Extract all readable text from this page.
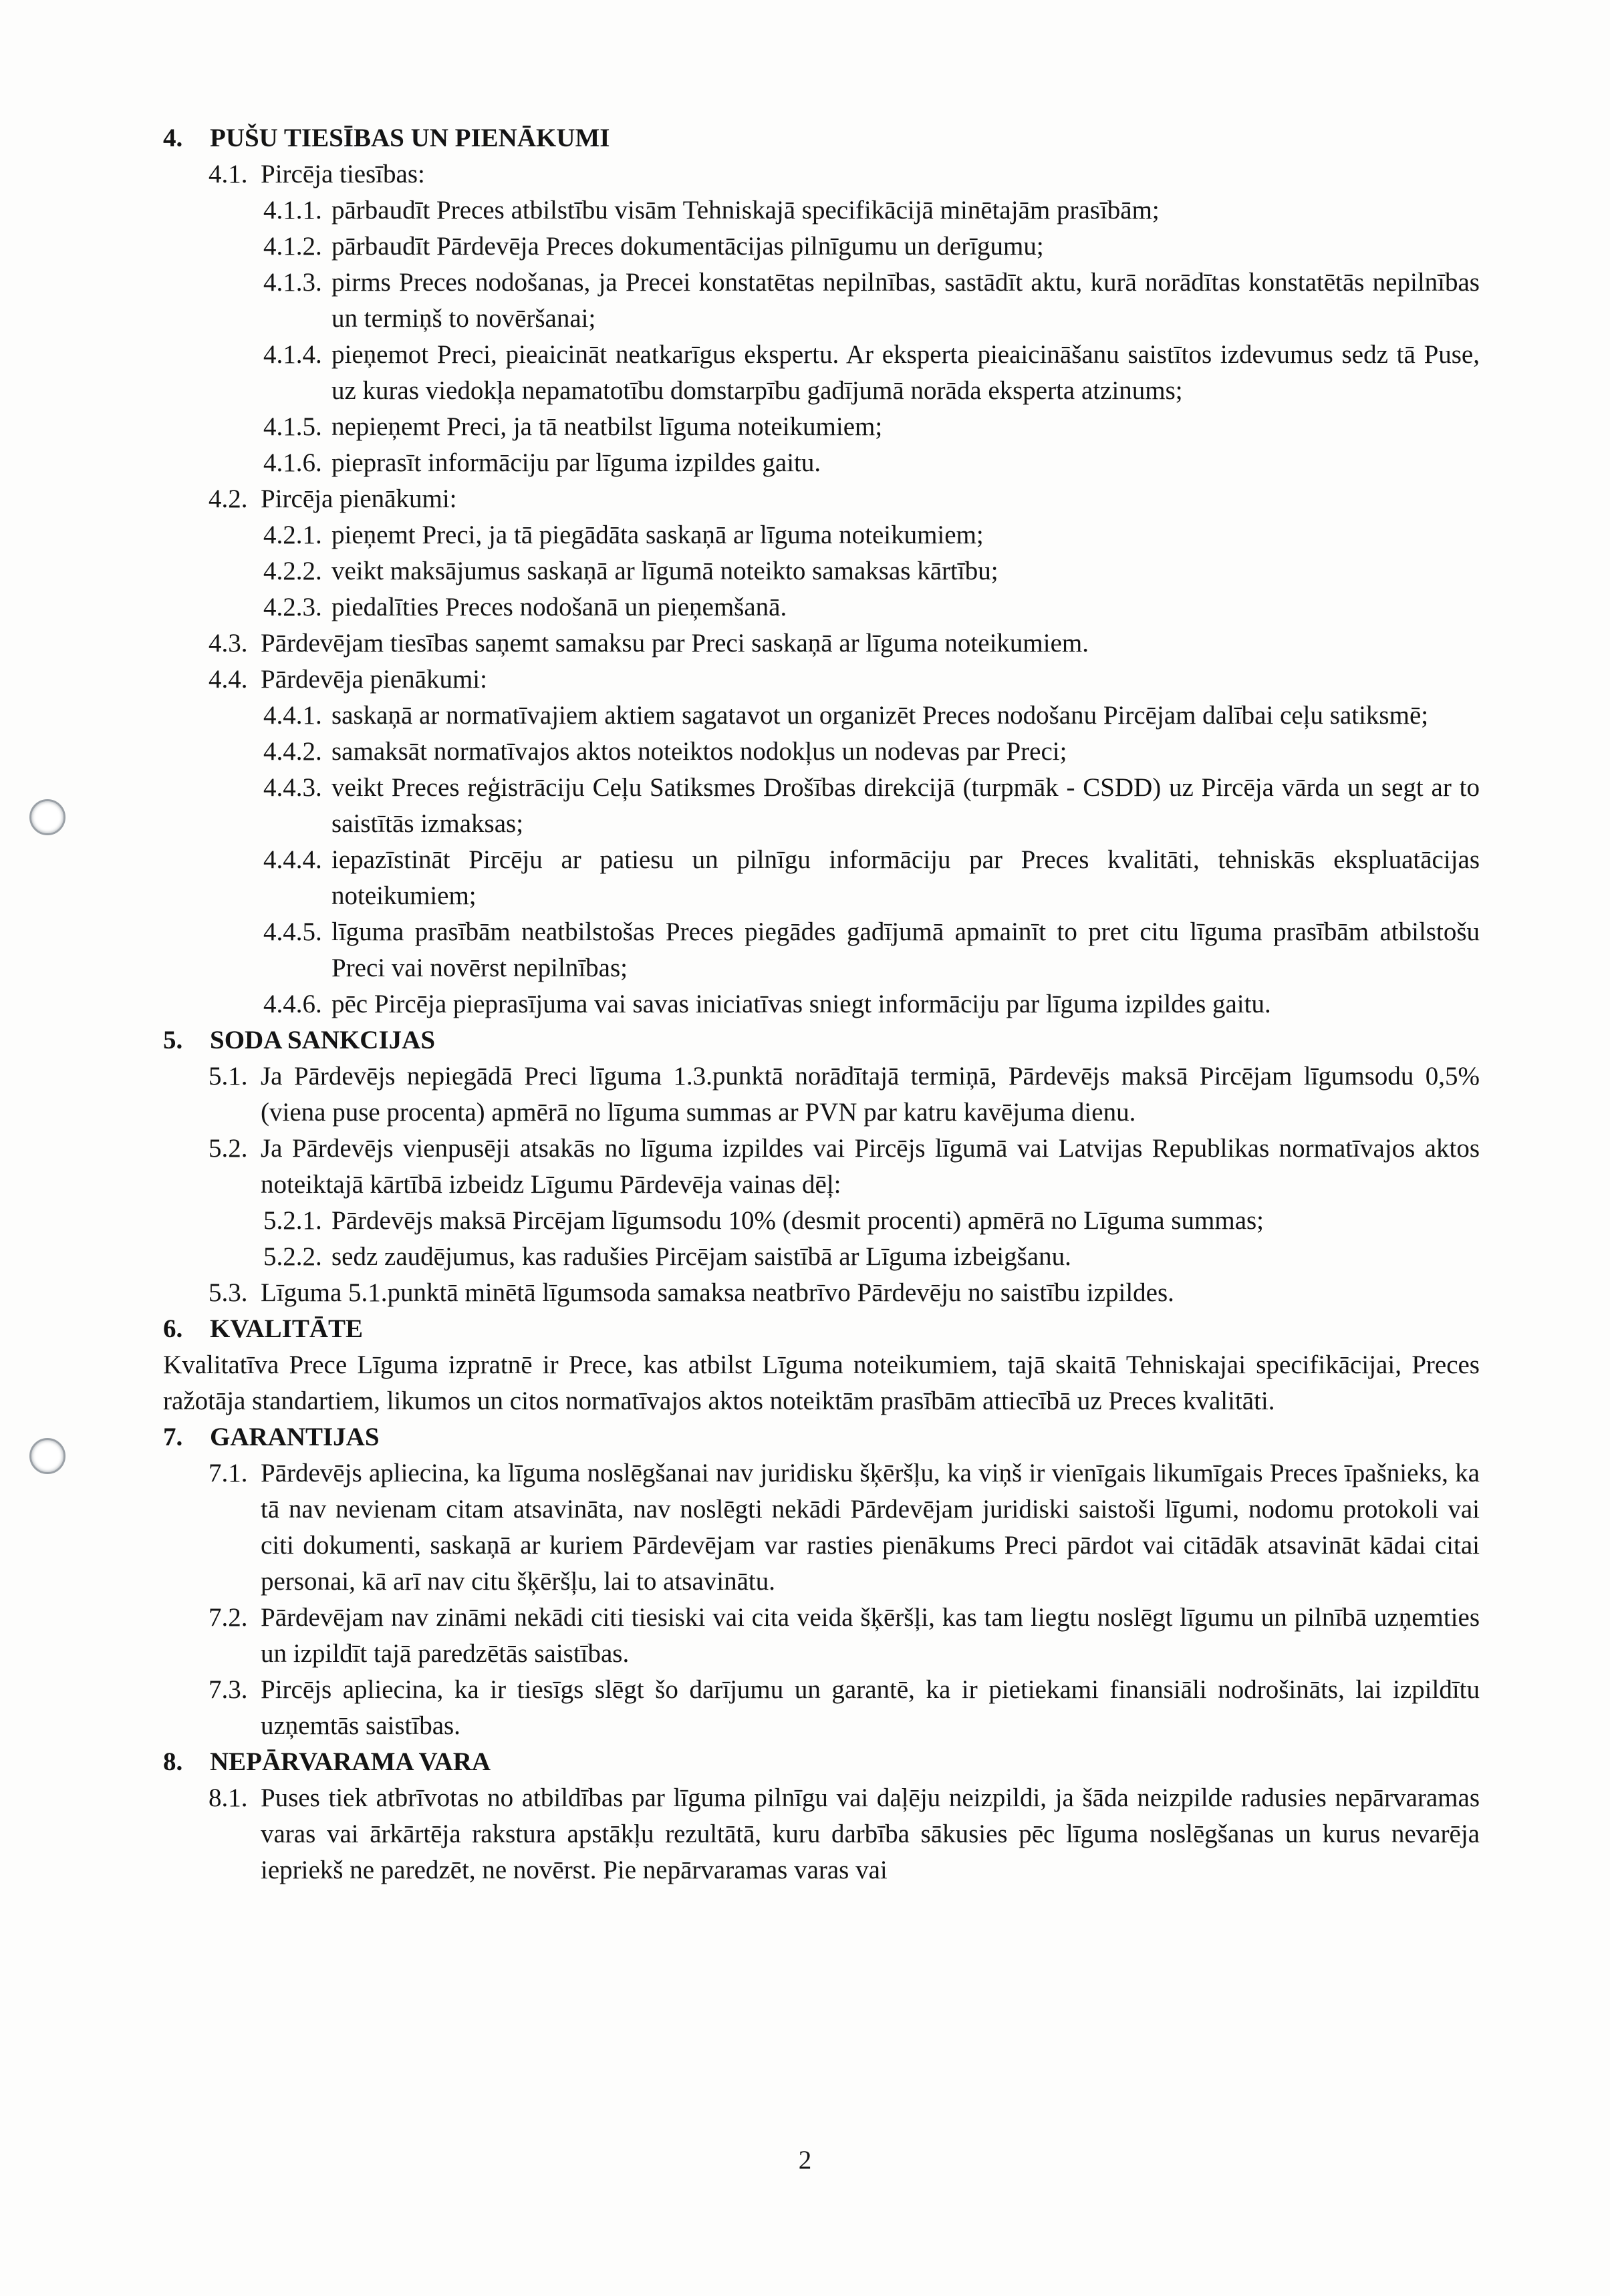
4.	PUŠU TIESĪBAS UN PIENĀKUMI
4.1. Pircēja tiesības:
4.1.1. pārbaudīt Preces atbilstību visām Tehniskajā specifikācijā minētajām prasībām;
4.1.2. pārbaudīt Pārdevēja Preces dokumentācijas pilnīgumu un derīgumu;
4.1.3. pirms Preces nodošanas, ja Precei konstatētas nepilnības, sastādīt aktu, kurā norādītas konstatētās nepilnības un termiņš to novēršanai;
4.1.4. pieņemot Preci, pieaicināt neatkarīgus ekspertu. Ar eksperta pieaicināšanu saistītos izdevumus sedz tā Puse, uz kuras viedokļa nepamatotību domstarpību gadījumā norāda eksperta atzinums;
4.1.5. nepieņemt Preci, ja tā neatbilst līguma noteikumiem;
4.1.6. pieprasīt informāciju par līguma izpildes gaitu.
4.2. Pircēja pienākumi:
4.2.1. pieņemt Preci, ja tā piegādāta saskaņā ar līguma noteikumiem;
4.2.2. veikt maksājumus saskaņā ar līgumā noteikto samaksas kārtību;
4.2.3. piedalīties Preces nodošanā un pieņemšanā.
4.3. Pārdevējam tiesības saņemt samaksu par Preci saskaņā ar līguma noteikumiem.
4.4. Pārdevēja pienākumi:
4.4.1. saskaņā ar normatīvajiem aktiem sagatavot un organizēt Preces nodošanu Pircējam dalībai ceļu satiksmē;
4.4.2. samaksāt normatīvajos aktos noteiktos nodokļus un nodevas par Preci;
4.4.3. veikt Preces reģistrāciju Ceļu Satiksmes Drošības direkcijā (turpmāk - CSDD) uz Pircēja vārda un segt ar to saistītās izmaksas;
4.4.4. iepazīstināt Pircēju ar patiesu un pilnīgu informāciju par Preces kvalitāti, tehniskās ekspluatācijas noteikumiem;
4.4.5. līguma prasībām neatbilstošas Preces piegādes gadījumā apmainīt to pret citu līguma prasībām atbilstošu Preci vai novērst nepilnības;
4.4.6. pēc Pircēja pieprasījuma vai savas iniciatīvas sniegt informāciju par līguma izpildes gaitu.
5.	SODA SANKCIJAS
5.1. Ja Pārdevējs nepiegādā Preci līguma 1.3.punktā norādītajā termiņā, Pārdevējs maksā Pircējam līgumsodu 0,5% (viena puse procenta) apmērā no līguma summas ar PVN par katru kavējuma dienu.
5.2. Ja Pārdevējs vienpusēji atsakās no līguma izpildes vai Pircējs līgumā vai Latvijas Republikas normatīvajos aktos noteiktajā kārtībā izbeidz Līgumu Pārdevēja vainas dēļ:
5.2.1. Pārdevējs maksā Pircējam līgumsodu 10% (desmit procenti) apmērā no Līguma summas;
5.2.2. sedz zaudējumus, kas radušies Pircējam saistībā ar Līguma izbeigšanu.
5.3. Līguma 5.1.punktā minētā līgumsoda samaksa neatbrīvo Pārdevēju no saistību izpildes.
6.	KVALITĀTE
Kvalitatīva Prece Līguma izpratnē ir Prece, kas atbilst Līguma noteikumiem, tajā skaitā Tehniskajai specifikācijai, Preces ražotāja standartiem, likumos un citos normatīvajos aktos noteiktām prasībām attiecībā uz Preces kvalitāti.
7.	GARANTIJAS
7.1. Pārdevējs apliecina, ka līguma noslēgšanai nav juridisku šķēršļu, ka viņš ir vienīgais likumīgais Preces īpašnieks, ka tā nav nevienam citam atsavināta, nav noslēgti nekādi Pārdevējam juridiski saistoši līgumi, nodomu protokoli vai citi dokumenti, saskaņā ar kuriem Pārdevējam var rasties pienākums Preci pārdot vai citādāk atsavināt kādai citai personai, kā arī nav citu šķēršļu, lai to atsavinātu.
7.2. Pārdevējam nav zināmi nekādi citi tiesiski vai cita veida šķēršļi, kas tam liegtu noslēgt līgumu un pilnībā uzņemties un izpildīt tajā paredzētās saistības.
7.3. Pircējs apliecina, ka ir tiesīgs slēgt šo darījumu un garantē, ka ir pietiekami finansiāli nodrošināts, lai izpildītu uzņemtās saistības.
8.	NEPĀRVARAMA VARA
8.1. Puses tiek atbrīvotas no atbildības par līguma pilnīgu vai daļēju neizpildi, ja šāda neizpilde radusies nepārvaramas varas vai ārkārtēja rakstura apstākļu rezultātā, kuru darbība sākusies pēc līguma noslēgšanas un kurus nevarēja iepriekš ne paredzēt, ne novērst. Pie nepārvaramas varas vai
2
